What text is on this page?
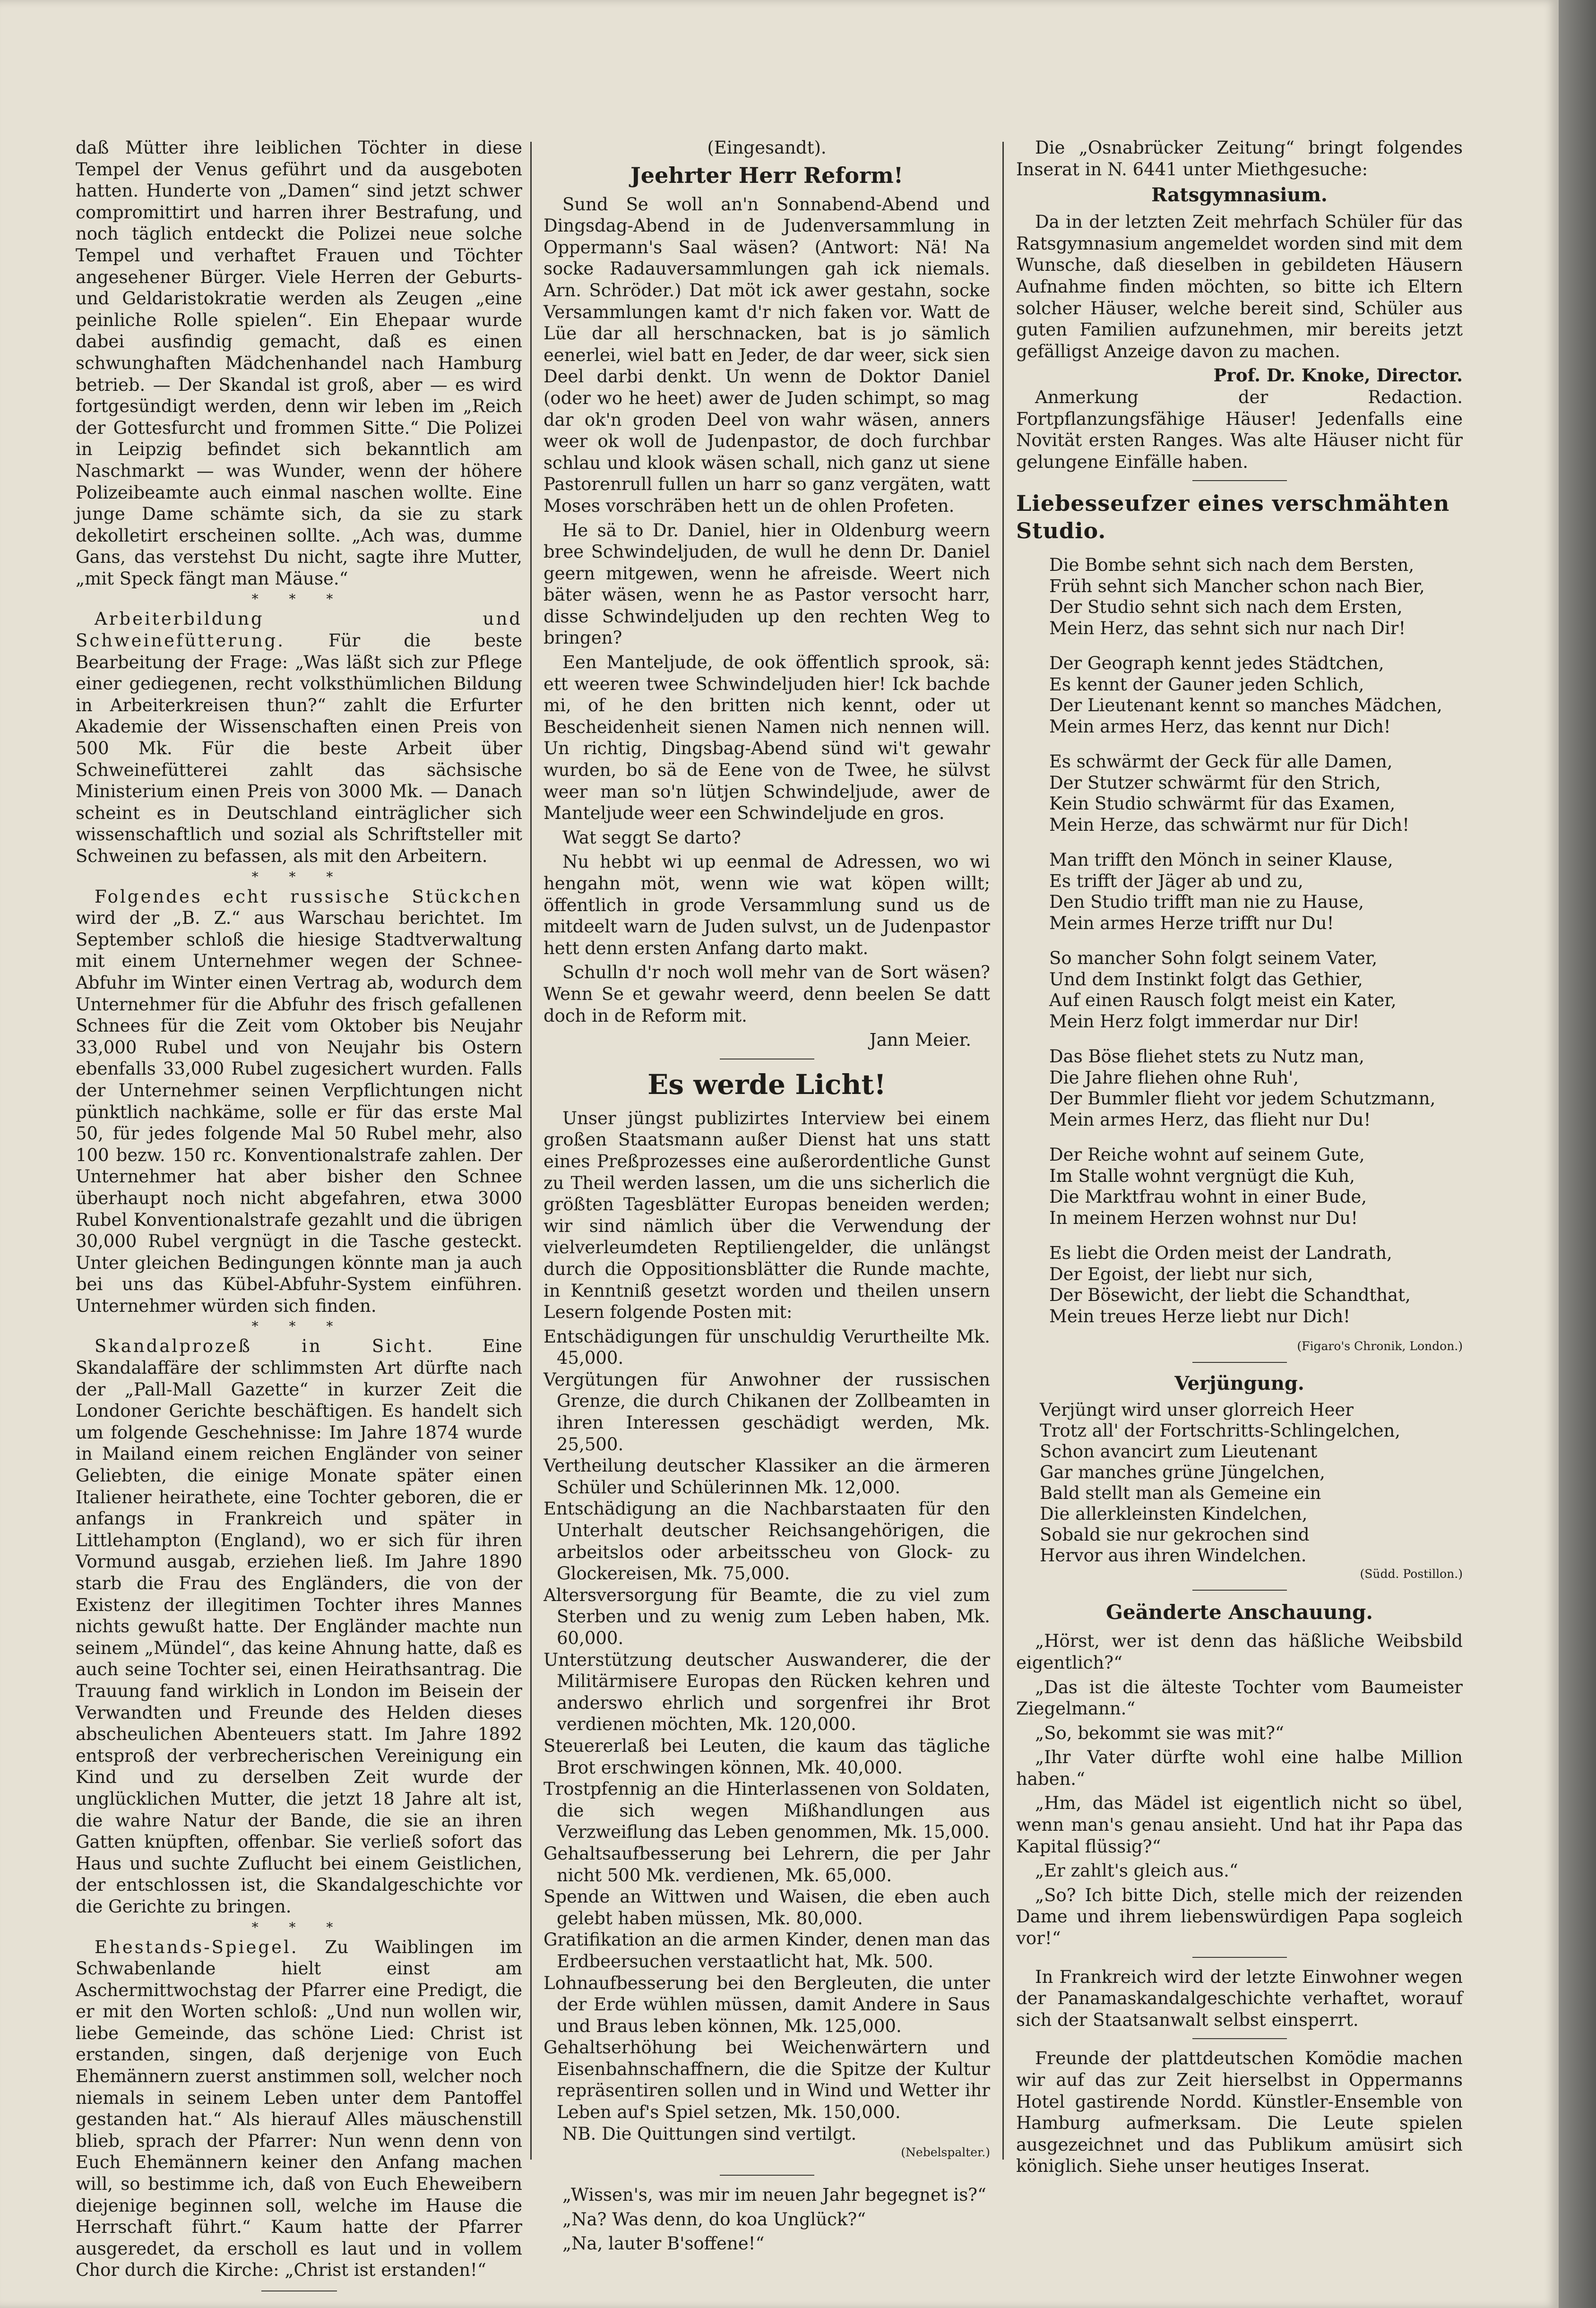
daß Mütter ihre leiblichen Töchter in diese Tempel der Venus geführt und da ausgeboten hatten. Hunderte von „Damen“ sind jetzt schwer compromittirt und harren ihrer Bestrafung, und noch täglich entdeckt die Polizei neue solche Tempel und verhaftet Frauen und Töchter angesehener Bürger. Viele Herren der Geburts- und Geldaristokratie werden als Zeugen „eine peinliche Rolle spielen“. Ein Ehepaar wurde dabei ausfindig gemacht, daß es einen schwunghaften Mädchenhandel nach Hamburg betrieb. — Der Skandal ist groß, aber — es wird fortgesündigt werden, denn wir leben im „Reich der Gottesfurcht und frommen Sitte.“ Die Polizei in Leipzig befindet sich bekanntlich am Naschmarkt — was Wunder, wenn der höhere Polizeibeamte auch einmal naschen wollte. Eine junge Dame schämte sich, da sie zu stark dekolletirt erscheinen sollte. „Ach was, dumme Gans, das verstehst Du nicht, sagte ihre Mutter, „mit Speck fängt man Mäuse.“

* * *

Arbeiterbildung und Schweinefütterung. Für die beste Bearbeitung der Frage: „Was läßt sich zur Pflege einer gediegenen, recht volksthümlichen Bildung in Arbeiterkreisen thun?“ zahlt die Erfurter Akademie der Wissenschaften einen Preis von 500 Mk. Für die beste Arbeit über Schweinefütterei zahlt das sächsische Ministerium einen Preis von 3000 Mk. — Danach scheint es in Deutschland einträglicher sich wissenschaftlich und sozial als Schriftsteller mit Schweinen zu befassen, als mit den Arbeitern.

* * *

Folgendes echt russische Stückchen wird der „B. Z.“ aus Warschau berichtet. Im September schloß die hiesige Stadtverwaltung mit einem Unternehmer wegen der Schnee-Abfuhr im Winter einen Vertrag ab, wodurch dem Unternehmer für die Abfuhr des frisch gefallenen Schnees für die Zeit vom Oktober bis Neujahr 33,000 Rubel und von Neujahr bis Ostern ebenfalls 33,000 Rubel zugesichert wurden. Falls der Unternehmer seinen Verpflichtungen nicht pünktlich nachkäme, solle er für das erste Mal 50, für jedes folgende Mal 50 Rubel mehr, also 100 bezw. 150 rc. Konventionalstrafe zahlen. Der Unternehmer hat aber bisher den Schnee überhaupt noch nicht abgefahren, etwa 3000 Rubel Konventionalstrafe gezahlt und die übrigen 30,000 Rubel vergnügt in die Tasche gesteckt. Unter gleichen Bedingungen könnte man ja auch bei uns das Kübel-Abfuhr-System einführen. Unternehmer würden sich finden.

* * *

Skandalprozeß in Sicht.	Eine Skandalaffäre der schlimmsten Art dürfte nach der „Pall-Mall Gazette“ in kurzer Zeit die Londoner Gerichte beschäftigen. Es handelt sich um folgende Geschehnisse: Im Jahre 1874 wurde in Mailand einem reichen Engländer von seiner Geliebten, die einige Monate später einen Italiener heirathete, eine Tochter geboren, die er anfangs in Frankreich und später in Littlehampton (England), wo er sich für ihren Vormund ausgab, erziehen ließ. Im Jahre 1890 starb die Frau des Engländers, die von der Existenz der illegitimen Tochter ihres Mannes nichts gewußt hatte. Der Engländer machte nun seinem „Mündel“, das keine Ahnung hatte, daß es auch seine Tochter sei, einen Heirathsantrag. Die Trauung fand wirklich in London im Beisein der Verwandten und Freunde des Helden dieses abscheulichen Abenteuers statt. Im Jahre 1892 entsproß der verbrecherischen Vereinigung ein Kind und zu derselben Zeit wurde der unglücklichen Mutter, die jetzt 18 Jahre alt ist, die wahre Natur der Bande, die sie an ihren Gatten knüpften, offenbar. Sie verließ sofort das Haus und suchte Zuflucht bei einem Geistlichen, der entschlossen ist, die Skandalgeschichte vor die Gerichte zu bringen.

* * *

Ehestands-Spiegel. Zu Waiblingen im Schwabenlande hielt einst am Aschermittwochstag der Pfarrer eine Predigt, die er mit den Worten schloß: „Und nun wollen wir, liebe Gemeinde, das schöne Lied: Christ ist erstanden, singen, daß derjenige von Euch Ehemännern zuerst anstimmen soll, welcher noch niemals in seinem Leben unter dem Pantoffel gestanden hat.“ Als hierauf Alles mäuschenstill blieb, sprach der Pfarrer: Nun wenn denn von Euch Ehemännern keiner den Anfang machen will, so bestimme ich, daß von Euch Eheweibern diejenige beginnen soll, welche im Hause die Herrschaft führt.“ Kaum hatte der Pfarrer ausgeredet, da erscholl es laut und in vollem Chor durch die Kirche: „Christ ist erstanden!“

(Eingesandt).
Jeehrter Herr Reform!

Sund Se woll an'n Sonnabend-Abend und Dingsdag-Abend in de Judenversammlung in Oppermann's Saal wäsen? (Antwort: Nä! Na socke Radauversammlungen gah ick niemals. Arn. Schröder.) Dat möt ick awer gestahn, socke Versammlungen kamt d'r nich faken vor. Watt de Lüe dar all herschnacken, bat is jo sämlich eenerlei, wiel batt en Jeder, de dar weer, sick sien Deel darbi denkt. Un wenn de Doktor Daniel (oder wo he heet) awer de Juden schimpt, so mag dar ok'n groden Deel von wahr wäsen, anners weer ok woll de Judenpastor, de doch furchbar schlau und klook wäsen schall, nich ganz ut siene Pastorenrull fullen un harr so ganz vergäten, watt Moses vorschräben hett un de ohlen Profeten.

He sä to Dr. Daniel, hier in Oldenburg weern bree Schwindeljuden, de wull he denn Dr. Daniel geern mitgewen, wenn he afreisde. Weert nich bäter wäsen, wenn he as Pastor versocht harr, disse Schwindeljuden up den rechten Weg to bringen?

Een Manteljude, de ook öffentlich sprook, sä: ett weeren twee Schwindeljuden hier! Ick bachde mi, of he den britten nich kennt, oder ut Bescheidenheit sienen Namen nich nennen will. Un richtig, Dingsbag-Abend sünd wi't gewahr wurden, bo sä de Eene von de Twee, he sülvst weer man so'n lütjen Schwindeljude, awer de Manteljude weer een Schwindeljude en gros.

Wat seggt Se darto?

Nu hebbt wi up eenmal de Adressen, wo wi hengahn möt, wenn wie wat köpen willt; öffentlich in grode Versammlung sund us de mitdeelt warn de Juden sulvst, un de Judenpastor hett denn ersten Anfang darto makt.

Schulln d'r noch woll mehr van de Sort wäsen? Wenn Se et gewahr weerd, denn beelen Se datt doch in de Reform mit.

Jann Meier.
Es werde Licht!

Unser jüngst publizirtes Interview bei einem großen Staatsmann außer Dienst hat uns statt eines Preßprozesses eine außerordentliche Gunst zu Theil werden lassen, um die uns sicherlich die größten Tagesblätter Europas beneiden werden; wir sind nämlich über die Verwendung der vielverleumdeten Reptiliengelder, die unlängst durch die Oppositionsblätter die Runde machte, in Kenntniß gesetzt worden und theilen unsern Lesern folgende Posten mit:

Entschädigungen für unschuldig Verurtheilte Mk. 45,000.
Vergütungen für Anwohner der russischen Grenze, die durch Chikanen der Zollbeamten in ihren Interessen geschädigt werden, Mk. 25,500.
Vertheilung deutscher Klassiker an die ärmeren Schüler und Schülerinnen Mk. 12,000.
Entschädigung an die Nachbarstaaten für den Unterhalt deutscher Reichsangehörigen, die arbeitslos oder arbeitsscheu von Glock- zu Glockereisen, Mk. 75,000.
Altersversorgung für Beamte, die zu viel zum Sterben und zu wenig zum Leben haben, Mk. 60,000.
Unterstützung deutscher Auswanderer, die der Militärmisere Europas den Rücken kehren und anderswo ehrlich und sorgenfrei ihr Brot verdienen möchten, Mk. 120,000.
Steuererlaß bei Leuten, die kaum das tägliche Brot erschwingen können, Mk. 40,000.
Trostpfennig an die Hinterlassenen von Soldaten, die sich wegen Mißhandlungen aus Verzweiflung das Leben genommen, Mk. 15,000.
Gehaltsaufbesserung bei Lehrern, die per Jahr nicht 500 Mk. verdienen, Mk. 65,000.
Spende an Wittwen und Waisen, die eben auch gelebt haben müssen, Mk. 80,000.
Gratifikation an die armen Kinder, denen man das Erdbeersuchen verstaatlicht hat, Mk. 500.
Lohnaufbesserung bei den Bergleuten, die unter der Erde wühlen müssen, damit Andere in Saus und Braus leben können, Mk. 125,000.
Gehaltserhöhung bei Weichenwärtern und Eisenbahnschaffnern, die die Spitze der Kultur repräsentiren sollen und in Wind und Wetter ihr Leben auf's Spiel setzen, Mk. 150,000.

NB. Die Quittungen sind vertilgt.

(Nebelspalter.)

„Wissen's, was mir im neuen Jahr begegnet is?“

„Na? Was denn, do koa Unglück?“

„Na, lauter B'soffene!“

Die „Osnabrücker Zeitung“ bringt folgendes Inserat in N. 6441 unter Miethgesuche:

Ratsgymnasium.

Da in der letzten Zeit mehrfach Schüler für das Ratsgymnasium angemeldet worden sind mit dem Wunsche, daß dieselben in gebildeten Häusern Aufnahme finden möchten, so bitte ich Eltern solcher Häuser, welche bereit sind, Schüler aus guten Familien aufzunehmen, mir bereits jetzt gefälligst Anzeige davon zu machen.

Prof. Dr. Knoke, Director.

Anmerkung der Redaction. Fortpflanzungsfähige Häuser! Jedenfalls eine Novität ersten Ranges. Was alte Häuser nicht für gelungene Einfälle haben.

Liebesseufzer eines verschmähten Studio.
Die Bombe sehnt sich nach dem Bersten,
Früh sehnt sich Mancher schon nach Bier,
Der Studio sehnt sich nach dem Ersten,
Mein Herz, das sehnt sich nur nach Dir!
Der Geograph kennt jedes Städtchen,
Es kennt der Gauner jeden Schlich,
Der Lieutenant kennt so manches Mädchen,
Mein armes Herz, das kennt nur Dich!
Es schwärmt der Geck für alle Damen,
Der Stutzer schwärmt für den Strich,
Kein Studio schwärmt für das Examen,
Mein Herze, das schwärmt nur für Dich!
Man trifft den Mönch in seiner Klause,
Es trifft der Jäger ab und zu,
Den Studio trifft man nie zu Hause,
Mein armes Herze trifft nur Du!
So mancher Sohn folgt seinem Vater,
Und dem Instinkt folgt das Gethier,
Auf einen Rausch folgt meist ein Kater,
Mein Herz folgt immerdar nur Dir!
Das Böse fliehet stets zu Nutz man,
Die Jahre fliehen ohne Ruh',
Der Bummler flieht vor jedem Schutzmann,
Mein armes Herz, das flieht nur Du!
Der Reiche wohnt auf seinem Gute,
Im Stalle wohnt vergnügt die Kuh,
Die Marktfrau wohnt in einer Bude,
In meinem Herzen wohnst nur Du!
Es liebt die Orden meist der Landrath,
Der Egoist, der liebt nur sich,
Der Bösewicht, der liebt die Schandthat,
Mein treues Herze liebt nur Dich!
(Figaro's Chronik, London.)
Verjüngung.
Verjüngt wird unser glorreich Heer
Trotz all' der Fortschritts-Schlingelchen,
Schon avancirt zum Lieutenant
Gar manches grüne Jüngelchen,
Bald stellt man als Gemeine ein
Die allerkleinsten Kindelchen,
Sobald sie nur gekrochen sind
Hervor aus ihren Windelchen.
(Südd. Postillon.)
Geänderte Anschauung.

„Hörst, wer ist denn das häßliche Weibsbild eigentlich?“

„Das ist die älteste Tochter vom Baumeister Ziegelmann.“

„So, bekommt sie was mit?“

„Ihr Vater dürfte wohl eine halbe Million haben.“

„Hm, das Mädel ist eigentlich nicht so übel, wenn man's genau ansieht. Und hat ihr Papa das Kapital flüssig?“

„Er zahlt's gleich aus.“

„So? Ich bitte Dich, stelle mich der reizenden Dame und ihrem liebenswürdigen Papa sogleich vor!“

In Frankreich wird der letzte Einwohner wegen der Panamaskandalgeschichte verhaftet, worauf sich der Staatsanwalt selbst einsperrt.

Freunde der plattdeutschen Komödie machen wir auf das zur Zeit hierselbst in Oppermanns Hotel gastirende Nordd. Künstler-Ensemble von Hamburg aufmerksam. Die Leute spielen ausgezeichnet und das Publikum amüsirt sich königlich. Siehe unser heutiges Inserat.
